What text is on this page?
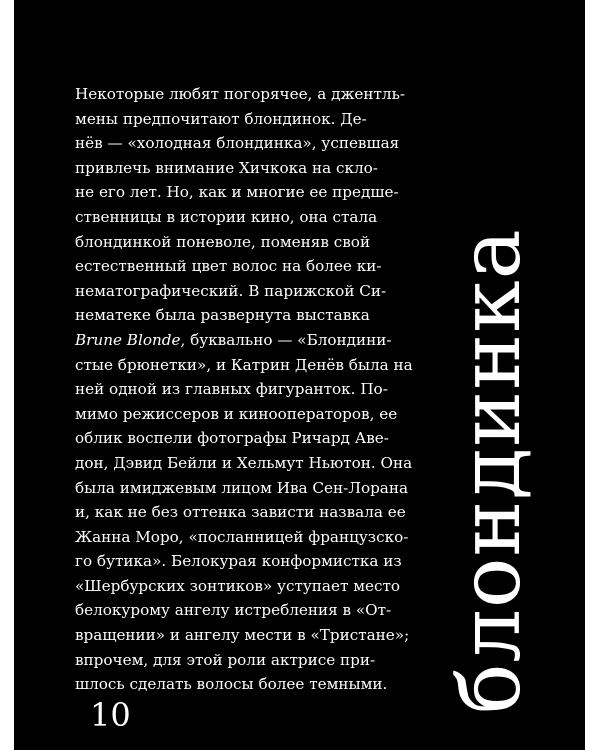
Некоторые любят погорячее, а джентль-
мены предпочитают блондинок. Де-
нёв — «холодная блондинка», успевшая
привлечь внимание Хичкока на скло-
не его лет. Но, как и многие ее предше-
ственницы в истории кино, она стала
блондинкой поневоле, поменяв свой
естественный цвет волос на более ки-
нематографический. В парижской Си-
нематеке была развернута выставка
Brune Blonde, буквально — «Блондини-
стые брюнетки», и Катрин Денёв была на
ней одной из главных фигуранток. По-
мимо режиссеров и кинооператоров, ее
облик воспели фотографы Ричард Аве-
дон, Дэвид Бейли и Хельмут Ньютон. Она
была имиджевым лицом Ива Сен-Лорана
и, как не без оттенка зависти назвала ее
Жанна Моро, «посланницей французско-
го бутика». Белокурая конформистка из
«Шербурских зонтиков» уступает место
белокурому ангелу истребления в «От-
вращении» и ангелу мести в «Тристане»;
впрочем, для этой роли актрисе при-
шлось сделать волосы более темными.
10
блондинка
